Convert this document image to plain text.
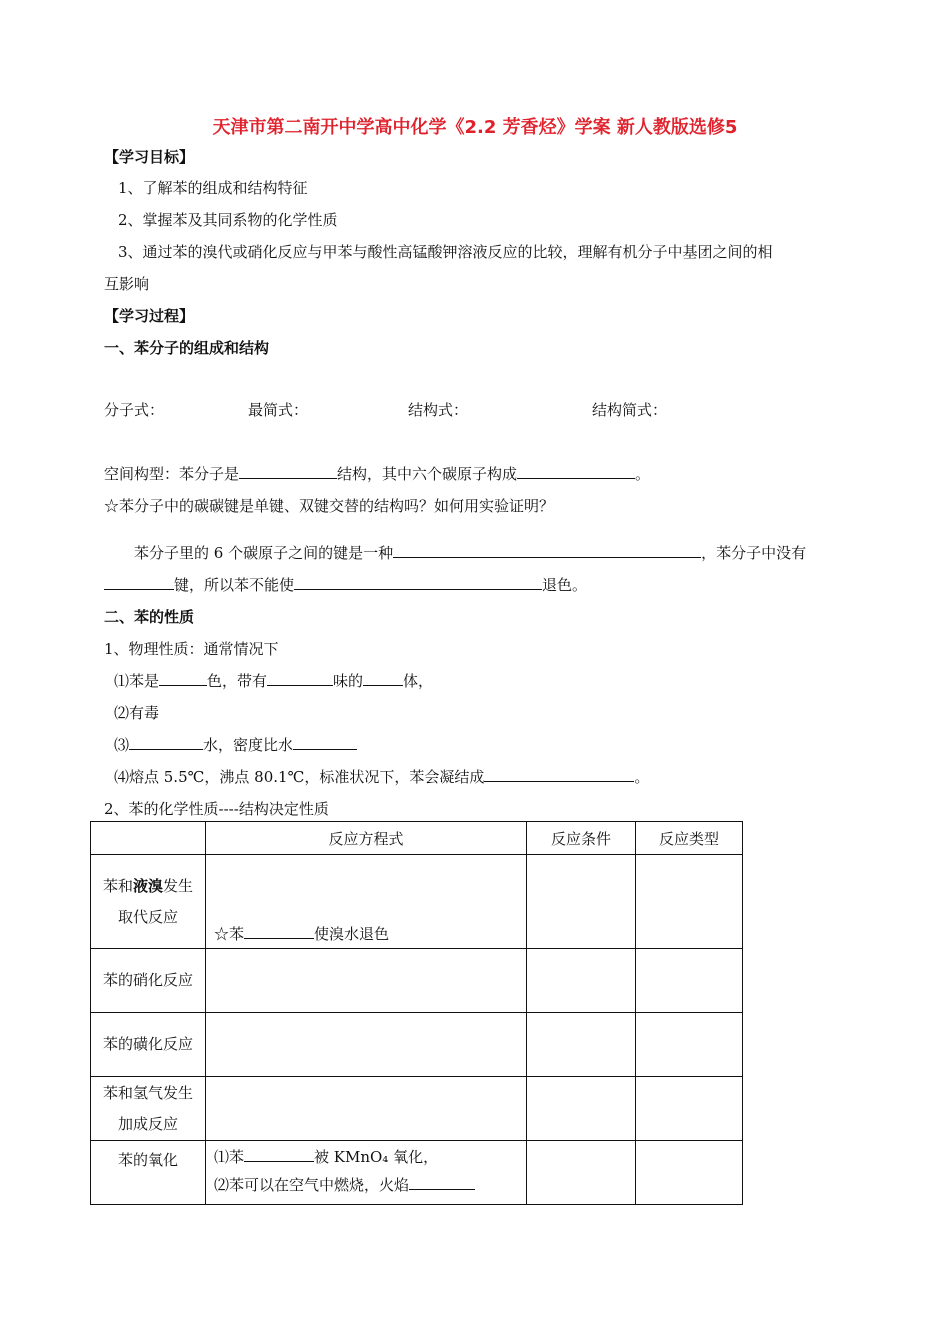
天津市第二南开中学高中化学《2.2 芳香烃》学案 新人教版选修5
【学习目标】
1、了解苯的组成和结构特征
2、掌握苯及其同系物的化学性质
3、通过苯的溴代或硝化反应与甲苯与酸性高锰酸钾溶液反应的比较，理解有机分子中基团之间的相
互影响
【学习过程】
一、苯分子的组成和结构
分子式：	最简式：	结构式：	结构简式：
空间构型：苯分子是	结构，其中六个碳原子构成	。
☆苯分子中的碳碳键是单键、双键交替的结构吗？如何用实验证明？
苯分子里的 6 个碳原子之间的键是一种	，苯分子中没有
键，所以苯不能使	退色。
二、苯的性质
1、物理性质：通常情况下
⑴苯是	色，带有	味的	体，
⑵有毒
⑶	水，密度比水
⑷熔点 5.5℃，沸点 80.1℃，标准状况下，苯会凝结成	。
2、苯的化学性质----结构决定性质
	反应方程式	反应条件	反应类型
苯和液溴发生取代反应	☆苯 使溴水退色		
苯的硝化反应			
苯的磺化反应			
苯和氢气发生加成反应			
苯的氧化	⑴苯 被 KMnO₄ 氧化，
⑵苯可以在空气中燃烧，火焰		
